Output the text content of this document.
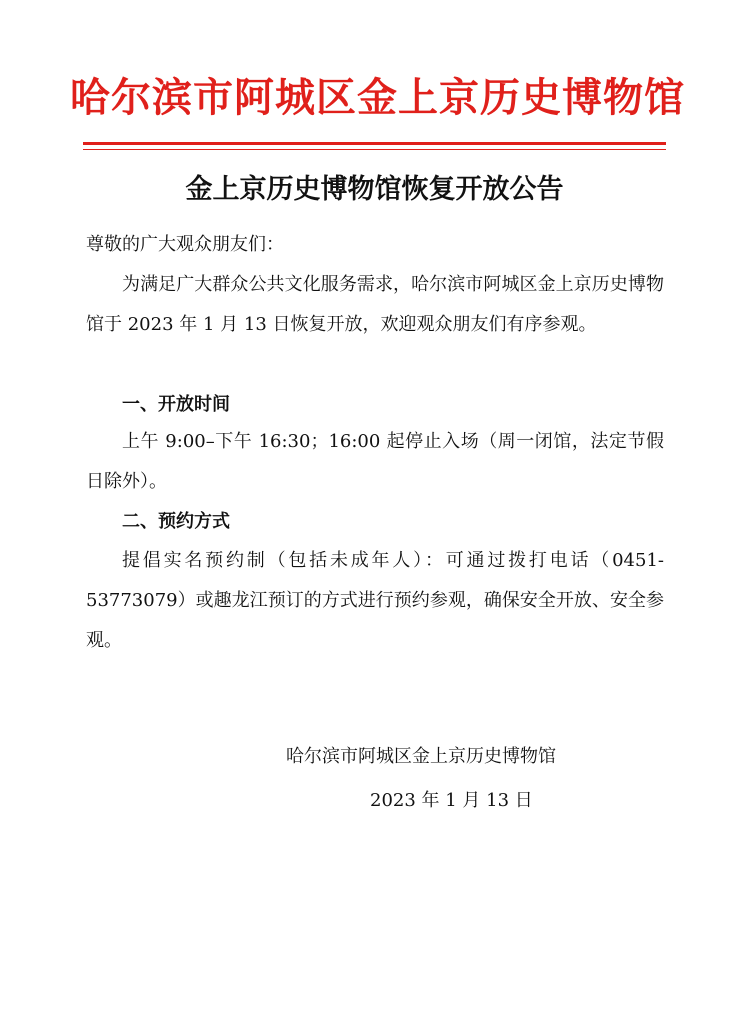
哈尔滨市阿城区金上京历史博物馆
金上京历史博物馆恢复开放公告
尊敬的广大观众朋友们：

为满足广大群众公共文化服务需求，哈尔滨市阿城区金上京历史博物馆于 2023 年 1 月 13 日恢复开放，欢迎观众朋友们有序参观。

一、开放时间

上午 9:00–下午 16:30；16:00 起停止入场（周一闭馆，法定节假日除外）。

二、预约方式

提倡实名预约制（包括未成年人）：可通过拨打电话（0451-53773079）或趣龙江预订的方式进行预约参观，确保安全开放、安全参观。

哈尔滨市阿城区金上京历史博物馆
2023 年 1 月 13 日
